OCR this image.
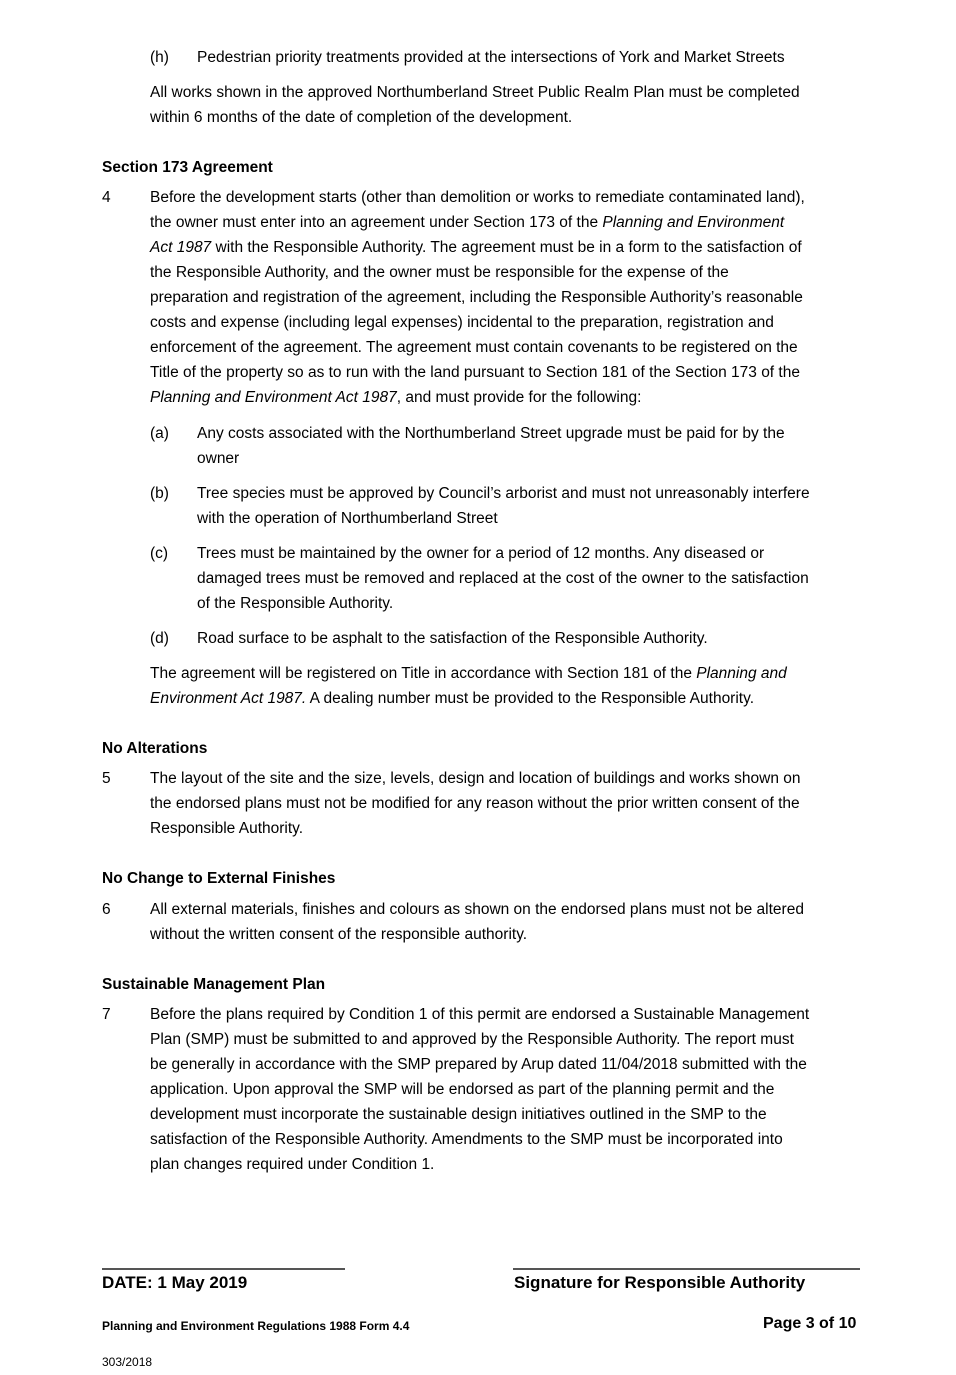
(h) Pedestrian priority treatments provided at the intersections of York and Market Streets
All works shown in the approved Northumberland Street Public Realm Plan must be completed
within 6 months of the date of completion of the development.
Section 173 Agreement
4	Before the development starts (other than demolition or works to remediate contaminated land),
the owner must enter into an agreement under Section 173 of the Planning and Environment
Act 1987 with the Responsible Authority. The agreement must be in a form to the satisfaction of
the Responsible Authority, and the owner must be responsible for the expense of the
preparation and registration of the agreement, including the Responsible Authority’s reasonable
costs and expense (including legal expenses) incidental to the preparation, registration and
enforcement of the agreement. The agreement must contain covenants to be registered on the
Title of the property so as to run with the land pursuant to Section 181 of the Section 173 of the
Planning and Environment Act 1987, and must provide for the following:
(a) Any costs associated with the Northumberland Street upgrade must be paid for by the
owner
(b) Tree species must be approved by Council’s arborist and must not unreasonably interfere
with the operation of Northumberland Street
(c) Trees must be maintained by the owner for a period of 12 months. Any diseased or
damaged trees must be removed and replaced at the cost of the owner to the satisfaction
of the Responsible Authority.
(d) Road surface to be asphalt to the satisfaction of the Responsible Authority.
The agreement will be registered on Title in accordance with Section 181 of the Planning and
Environment Act 1987. A dealing number must be provided to the Responsible Authority.
No Alterations
5	The layout of the site and the size, levels, design and location of buildings and works shown on
the endorsed plans must not be modified for any reason without the prior written consent of the
Responsible Authority.
No Change to External Finishes
6	All external materials, finishes and colours as shown on the endorsed plans must not be altered
without the written consent of the responsible authority.
Sustainable Management Plan
7	Before the plans required by Condition 1 of this permit are endorsed a Sustainable Management
Plan (SMP) must be submitted to and approved by the Responsible Authority. The report must
be generally in accordance with the SMP prepared by Arup dated 11/04/2018 submitted with the
application. Upon approval the SMP will be endorsed as part of the planning permit and the
development must incorporate the sustainable design initiatives outlined in the SMP to the
satisfaction of the Responsible Authority. Amendments to the SMP must be incorporated into
plan changes required under Condition 1.
DATE: 1 May 2019	Signature for Responsible Authority
Planning and Environment Regulations 1988 Form 4.4	Page 3 of 10
303/2018
